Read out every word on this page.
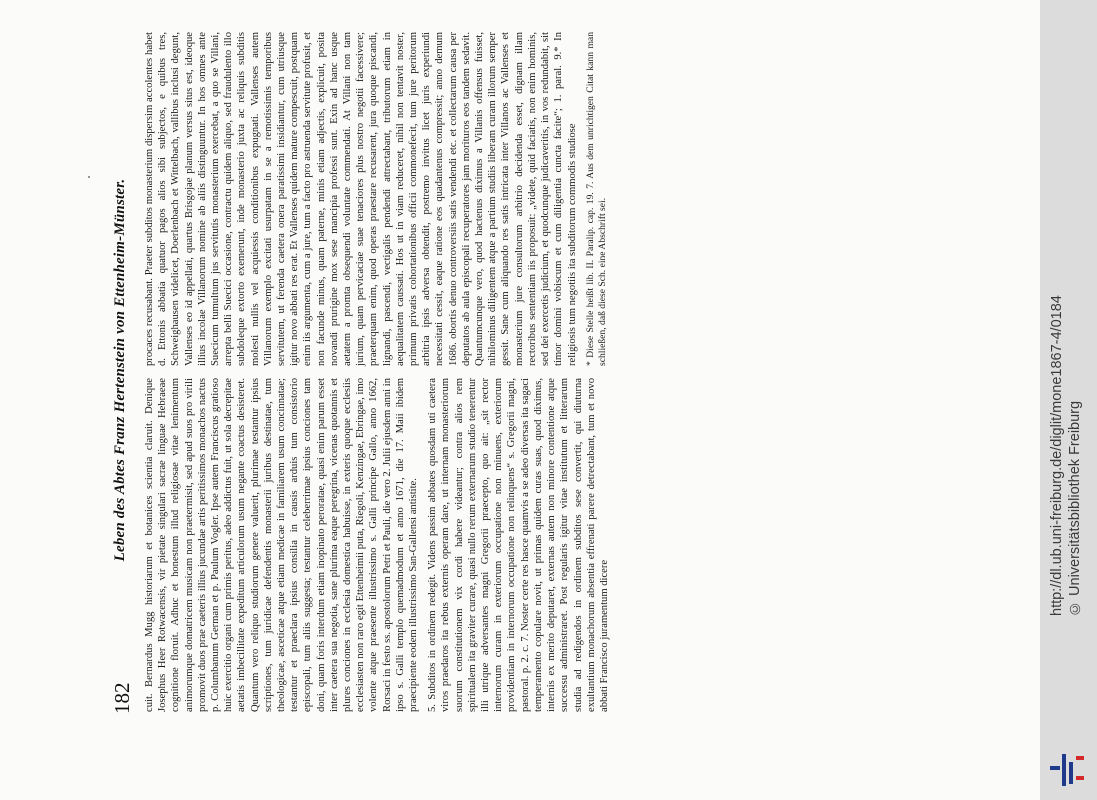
182
Leben des Abtes Franz Hertenstein von Ettenheim-Münster. cuit. Bernardus Mugg historiarum et botanices scientia claruit. Denique Josephus Heer Rotwacensis, vir pietate singulari sacrae linguae Hebraeae cognitione floruit. Adhuc et honestum illud religiosae vitae lenimentum animorumque domatricem musicam non praetermisit, sed apud suos pro virili promovit duos prae caeteris illius jucundae artis peritissimos monachos nactus p. Columbanum German et p. Paulum Vogler. Ipse autem Franciscus gratioso huic exercitio organi cum primis peritus, adeo addictus fuit, ut sola decrepitae aetatis imbecillitate expeditum articulorum usum negante coactus desisteret. Quantum vero reliquo studiorum genere valuerit, plurimae testantur ipsius scriptiones, tum juridicae defendentis monasterii juribus destinatae, tum theologicae, asceticae atque etiam medicae in familiarem usum concinnatae; testantur et praeclara ipsius consilia in causis arduis tum consistorio episcopali, tum aliis suggesta; testantur celeberrimae ipsius conciones tam doni, quam foris interdum etiam inopinato peroratae, quasi enim parum esset inter caetera sua negotia, sane plurima eaque peregrina, vicenas quotannis et plures conciones in ecclesia domestica habuisse, in exteris quoque ecclesiis ecclesiasten non raro egit Ettenheimii puta, Riegoli, Kenzingae, Ebringae, imo volente atque praesente illustrissimo s. Galli principe Gallo, anno 1662, Rorsaci in festo ss. apostolorum Petri et Pauli, die vero 2. Julii ejusdem anni in ipso s. Galli templo quemadmodum et anno 1671, die 17. Maii ibidem praecipiente eodem illustrissimo San-Gallensi antistite. 5. Subditos in ordinem redegit. Videns passim abbates quosdam uti caetera viros praedaros ita rebus externis operam dare, ut internam monasteriorum suorum constitutionem vix cordi habere videantur; contra alios rem spiritualem ita graviter curare, quasi nullo rerum externarum studio tenerentur illi utrique adversantes magni Gregorii praecepto, quo ait: „sit rector internorum curam in exteriorum occupatione non minuens, exteriorum providentiam in internorum occupatione non relinquens“ s. Gregorii magni, pastoral. p. 2. c. 7. Noster certe res hasce quamvis a se adeo diversas ita sagaci temperamento copulare novit, ut primas quidem curas suas, quod diximus, internis ex merito deputaret, externas autem non minore contentione atque successu administraret. Post regularis igitur vitae institutum et litterarum studia ad redigendos in ordinem subditos sese convertit, qui diuturna exultantium monachorum absentia effrenati parere detrectabant, tum et novo abbati Francisco juramentum dicere

procaces recusabant. Praeter subditos monasterium dispersim accolentes habet d. Ettonis abbatia quatuor pagos alios sibi subjectos, e quibus tres, Schweighausen videlicet, Doerlenbach et Wittelbach, vallibus inclusi degunt, Vallenses eo id appellati, quartus Brisgojae planum versus situs est, ideoque illius incolae Villanorum nomine ab aliis distinguuntur. In hos omnes ante Suecicum tumultum jus servitutis monasterium exercebat, a quo se Villani, arrepta belli Suecici occasione, contractu quidem aliquo, sed fraudulento illo subdoleque extorto exemerunt, inde monasterio juxta ac reliquis subditis molesti nullis vel acquiessis conditionibus expugnati. Vallenses autem Villanorum exemplo excitati usurpatam in se a remotissimis temporibus servitutem, ut ferenda caetera onera paratissimi insidiantur, cum utriusque igitur novo abbati res erat. Et Vallenses quidem mature compescuit, postquam enim iis argumenta, cum a jure, tum a facto pro astruenda servitute profusit, et non facunde minus, quam paterne, minis etiam adjectis, explicuit, posita novandi prurigine mox sese mancipia professi sunt. Exin ad hanc usque aetatem a promta obsequendi voluntate commendati. At Villani non tam jurium, quam pervicaciae suae tenaciores plus nostro negotii facessivere; praeterquam enim, quod operas praestare recusarent, jura quoque piscandi, lignandi, pascendi, vectigalis pendendi attrectabant, tributorum etiam in aequalitatem caussati. Hos ut in viam reduceret, nihil non tentavit noster, primum privatis cohortationibus officii commonefecit, tum jure peritorum arbitria ipsis adversa obtendit, postremo invitus licet juris experiundi necessitati cessit, eaque ratione eos quadantenus compressit; anno demum 1686. obortis denuo controversiis satis vendendi etc. et collectarum causa per deputatos ab aula episcopali recuperatores jam morituros eos tandem sedavit. Quantumcunque vero, quod hactenus diximus a Villanis offensus fuisset, nihilominus diligentem atque a partium studiis liberam curam illorum semper gessit. Sane cum aliquando res satis intricata inter Villanos ac Vallenses et monasterium jure consultorum arbitrio decidenda esset, dignam illam rectoribus sententiam iis proposuit: „videte, quid faciatis, non enim hominis, sed dei exercetis judicium, et quodcunque judicaveritis, in vos redundabit, sit timor domini vobiscum et cum diligentia cuncta facite“; 1. paral. 9.* In religiosis tum negotiis ita subditorum commodis studiose * Diese Stelle heißt lib. II. Paralip. cap. 19. 7. Aus dem unrichtigen Citat kann man schließen, daß diese Sch. eine Abschrift sei.
http://dl.ub.uni-freiburg.de/diglit/mone1867-4/0184 © Universitätsbibliothek Freiburg
